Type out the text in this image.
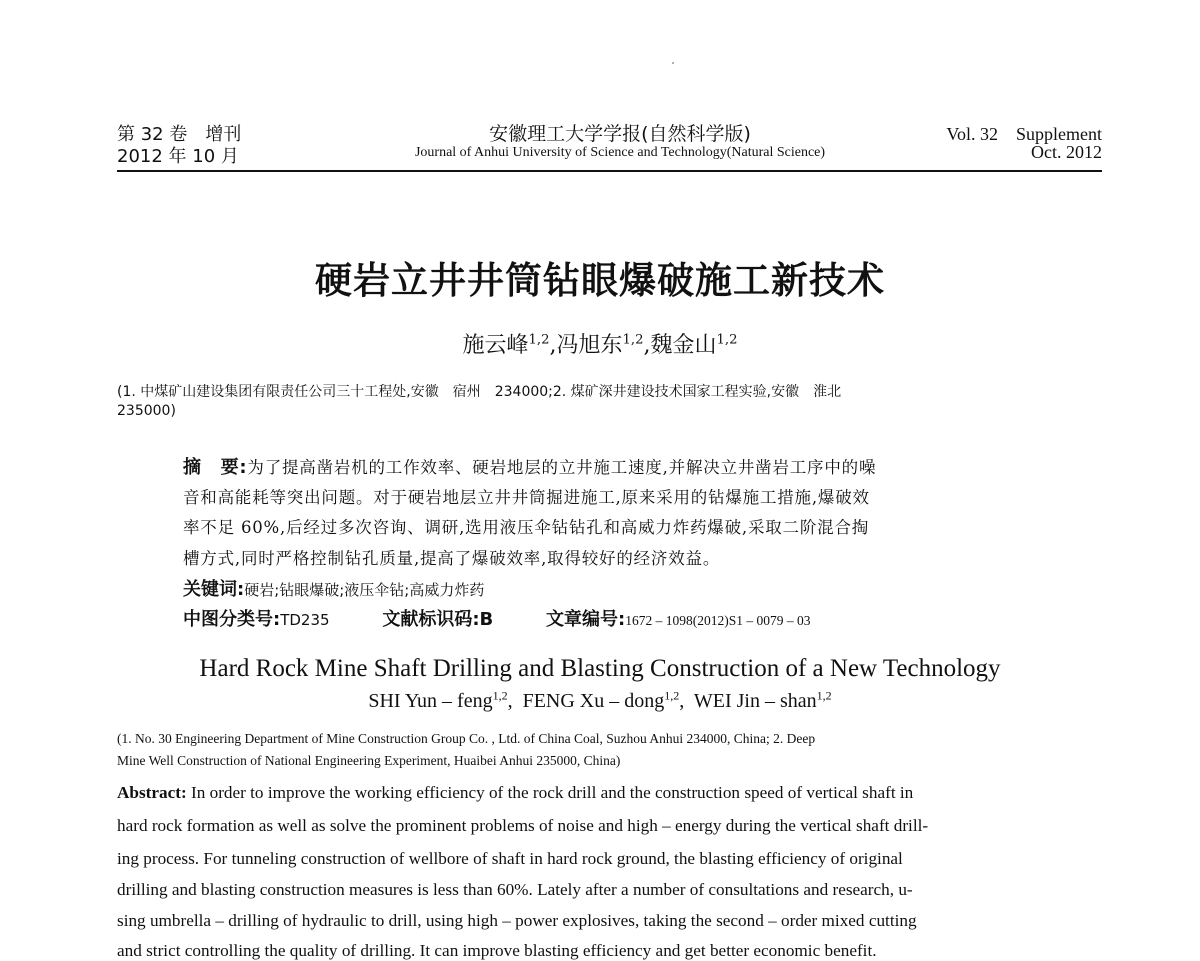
第 32 卷　增刊
2012 年 10 月
安徽理工大学学报(自然科学版)
Journal of Anhui University of Science and Technology(Natural Science)
Vol. 32　Supplement
Oct. 2012
硬岩立井井筒钻眼爆破施工新技术
施云峰$^{1,2}$,冯旭东$^{1,2}$,魏金山$^{1,2}$
(1. 中煤矿山建设集团有限责任公司三十工程处,安徽　宿州　234000;2. 煤矿深井建设技术国家工程实验,安徽　淮北
235000)
摘　要:为了提高凿岩机的工作效率、硬岩地层的立井施工速度,并解决立井凿岩工序中的噪
音和高能耗等突出问题。对于硬岩地层立井井筒掘进施工,原来采用的钻爆施工措施,爆破效
率不足 60%,后经过多次咨询、调研,选用液压伞钻钻孔和高威力炸药爆破,采取二阶混合掏
槽方式,同时严格控制钻孔质量,提高了爆破效率,取得较好的经济效益。
关键词:硬岩;钻眼爆破;液压伞钻;高威力炸药
中图分类号:TD235	文献标识码:B	文章编号:1672 – 1098(2012)S1 – 0079 – 03
Hard Rock Mine Shaft Drilling and Blasting Construction of a New Technology
SHI Yun – feng$^{1,2}$,  FENG Xu – dong$^{1,2}$,  WEI Jin – shan$^{1,2}$
(1. No. 30 Engineering Department of Mine Construction Group Co. , Ltd. of China Coal, Suzhou Anhui 234000, China; 2. Deep
Mine Well Construction of National Engineering Experiment, Huaibei Anhui 235000, China)
Abstract: In order to improve the working efficiency of the rock drill and the construction speed of vertical shaft in
hard rock formation as well as solve the prominent problems of noise and high – energy during the vertical shaft drill-
ing process. For tunneling construction of wellbore of shaft in hard rock ground, the blasting efficiency of original
drilling and blasting construction measures is less than 60%. Lately after a number of consultations and research, u-
sing umbrella – drilling of hydraulic to drill, using high – power explosives, taking the second – order mixed cutting
and strict controlling the quality of drilling. It can improve blasting efficiency and get better economic benefit.
